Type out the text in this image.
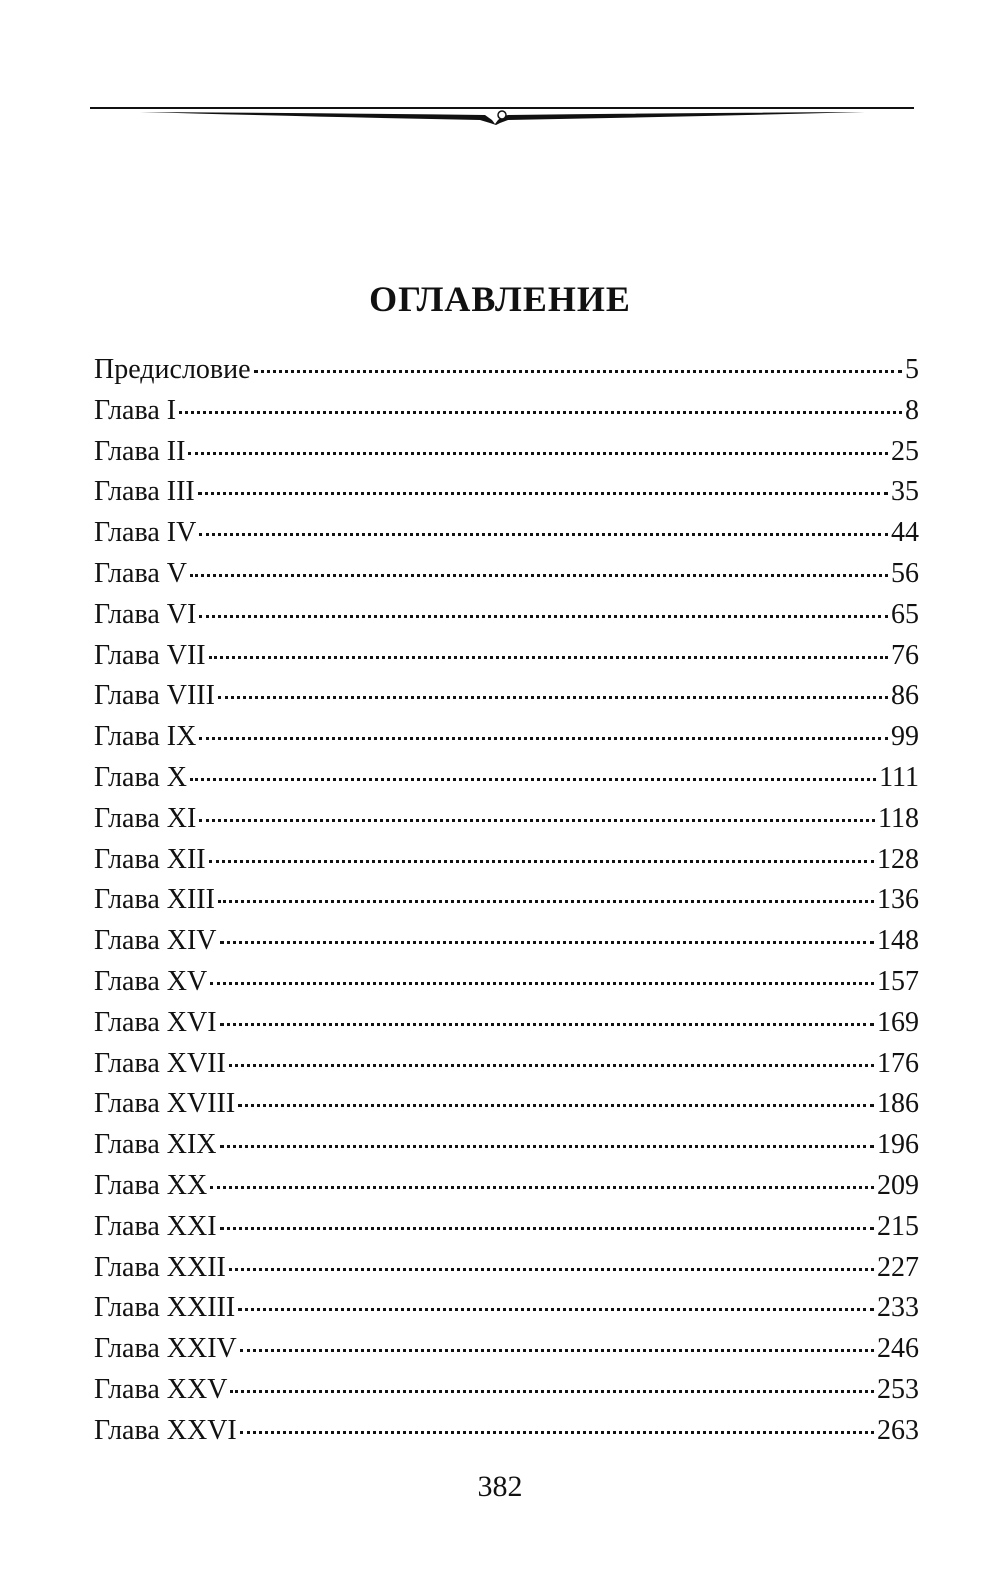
ОГЛАВЛЕНИЕ
Предисловие	5
Глава I	8
Глава II	25
Глава III	35
Глава IV	44
Глава V	56
Глава VI	65
Глава VII	76
Глава VIII	86
Глава IX	99
Глава X	111
Глава XI	118
Глава XII	128
Глава XIII	136
Глава XIV	148
Глава XV	157
Глава XVI	169
Глава XVII	176
Глава XVIII	186
Глава XIX	196
Глава XX	209
Глава XXI	215
Глава XXII	227
Глава XXIII	233
Глава XXIV	246
Глава XXV	253
Глава XXVI	263
382
